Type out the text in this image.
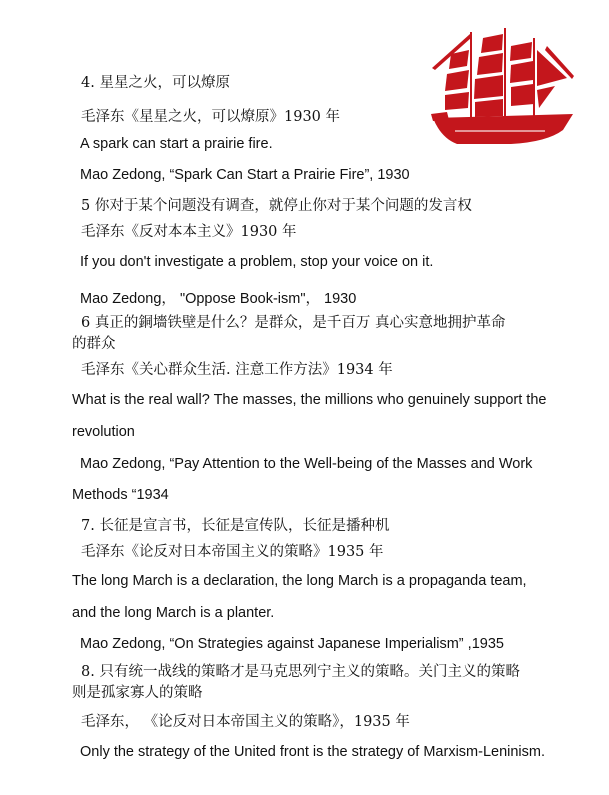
4. 星星之火，可以燎原
毛泽东《星星之火，可以燎原》1930 年
A spark can start a prairie fire.
Mao Zedong, “Spark Can Start a Prairie Fire”, 1930
5 你对于某个问题没有调查，就停止你对于某个问题的发言权
毛泽东《反对本本主义》1930 年
If you don't investigate a problem, stop your voice on it.
Mao Zedong， "Oppose Book-ism"， 1930
6 真正的銅墻铁壁是什么？是群众，是千百万 真心实意地拥护革命
的群众
毛泽东《关心群众生活. 注意工作方法》1934 年
What is the real wall? The masses, the millions who genuinely support the
revolution
Mao Zedong, “Pay Attention to the Well-being of the Masses and Work
Methods “1934
7. 长征是宣言书，长征是宣传队，长征是播种机
毛泽东《论反对日本帝国主义的策略》1935 年
The long March is a declaration, the long March is a propaganda team,
and the long March is a planter.
Mao Zedong, “On Strategies against Japanese Imperialism” ,1935
8. 只有统一战线的策略才是马克思列宁主义的策略。关门主义的策略
则是孤家寡人的策略
毛泽东， 《论反对日本帝国主义的策略》，1935 年
Only the strategy of the United front is the strategy of Marxism-Leninism.
